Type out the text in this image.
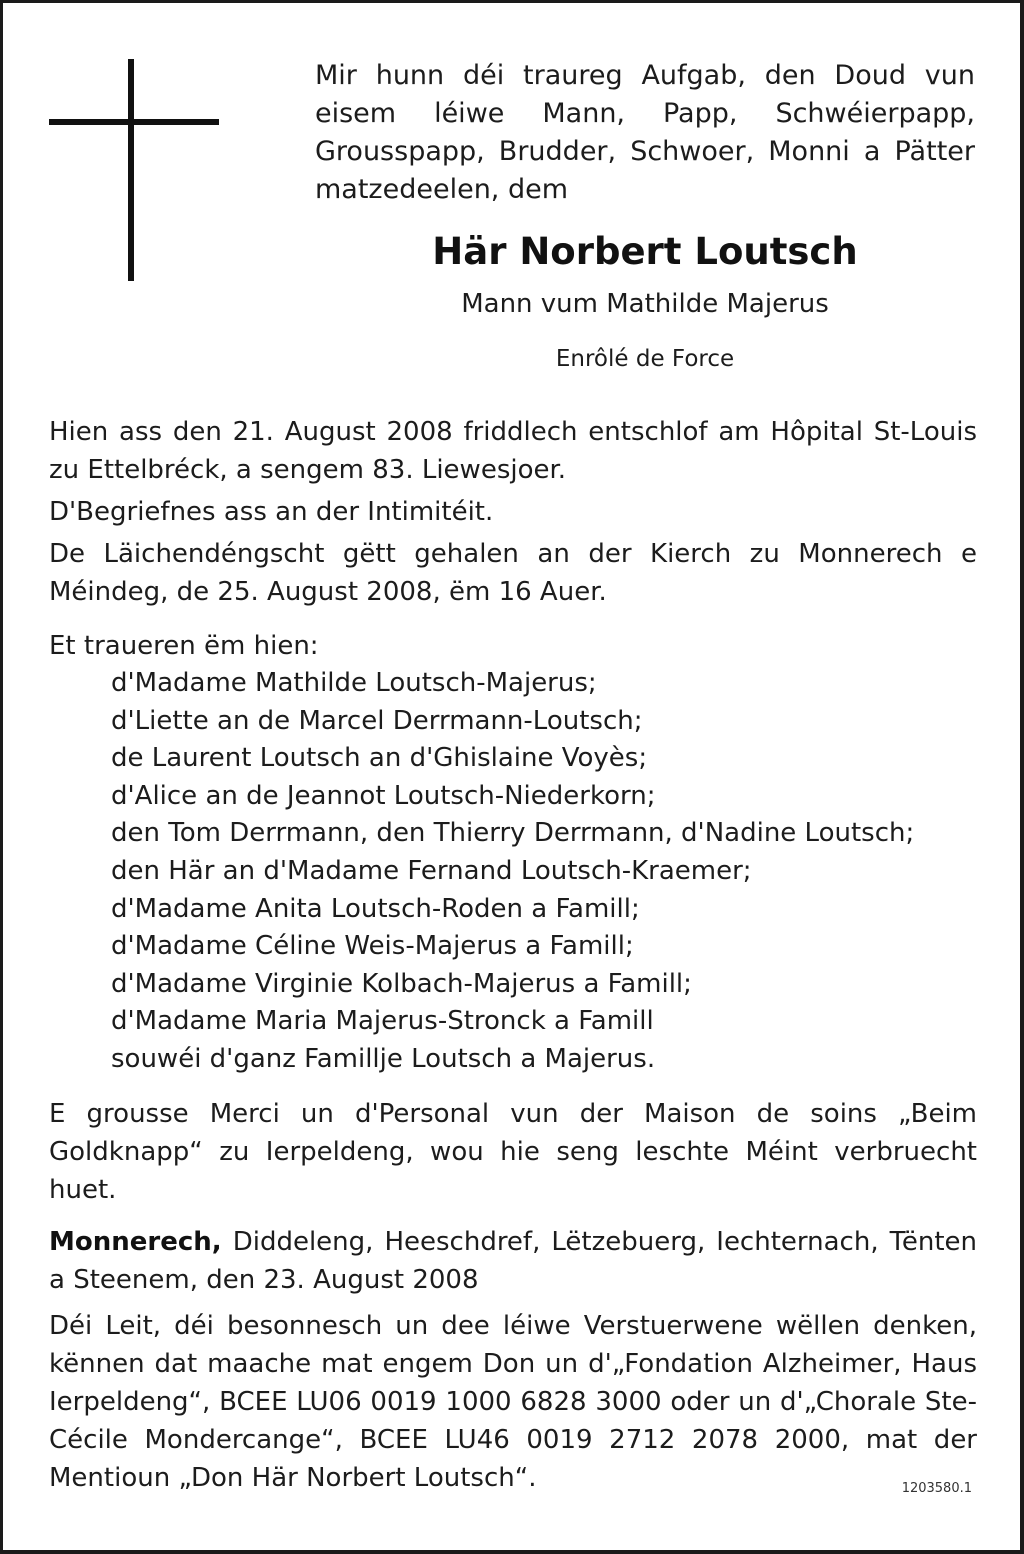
Mir hunn déi traureg Aufgab, den Doud vun eisem léiwe Mann, Papp, Schwéierpapp, Grousspapp, Brudder, Schwoer, Monni a Pätter matzedeelen, dem
Här Norbert Loutsch
Mann vum Mathilde Majerus
Enrôlé de Force

Hien ass den 21. August 2008 friddlech entschlof am Hôpital St-Louis zu Ettelbréck, a sengem 83. Liewesjoer.

D'Begriefnes ass an der Intimitéit.

De Läichendéngscht gëtt gehalen an der Kierch zu Monnerech e Méindeg, de 25. August 2008, ëm 16 Auer.

Et traueren ëm hien:

d'Madame Mathilde Loutsch-Majerus;
d'Liette an de Marcel Derrmann-Loutsch;
de Laurent Loutsch an d'Ghislaine Voyès;
d'Alice an de Jeannot Loutsch-Niederkorn;
den Tom Derrmann, den Thierry Derrmann, d'Nadine Loutsch;
den Här an d'Madame Fernand Loutsch-Kraemer;
d'Madame Anita Loutsch-Roden a Famill;
d'Madame Céline Weis-Majerus a Famill;
d'Madame Virginie Kolbach-Majerus a Famill;
d'Madame Maria Majerus-Stronck a Famill
souwéi d'ganz Famillje Loutsch a Majerus.

E grousse Merci un d'Personal vun der Maison de soins „Beim Goldknapp“ zu Ierpeldeng, wou hie seng leschte Méint verbruecht huet.

Monnerech, Diddeleng, Heeschdref, Lëtzebuerg, Iechternach, Tënten a Steenem, den 23. August 2008

Déi Leit, déi besonnesch un dee léiwe Verstuerwene wëllen denken, kënnen dat maache mat engem Don un d'„Fondation Alzheimer, Haus Ierpeldeng“, BCEE LU06 0019 1000 6828 3000 oder un d'„Chorale Ste-Cécile Mondercange“, BCEE LU46 0019 2712 2078 2000, mat der Mentioun „Don Här Norbert Loutsch“.	1203580.1
